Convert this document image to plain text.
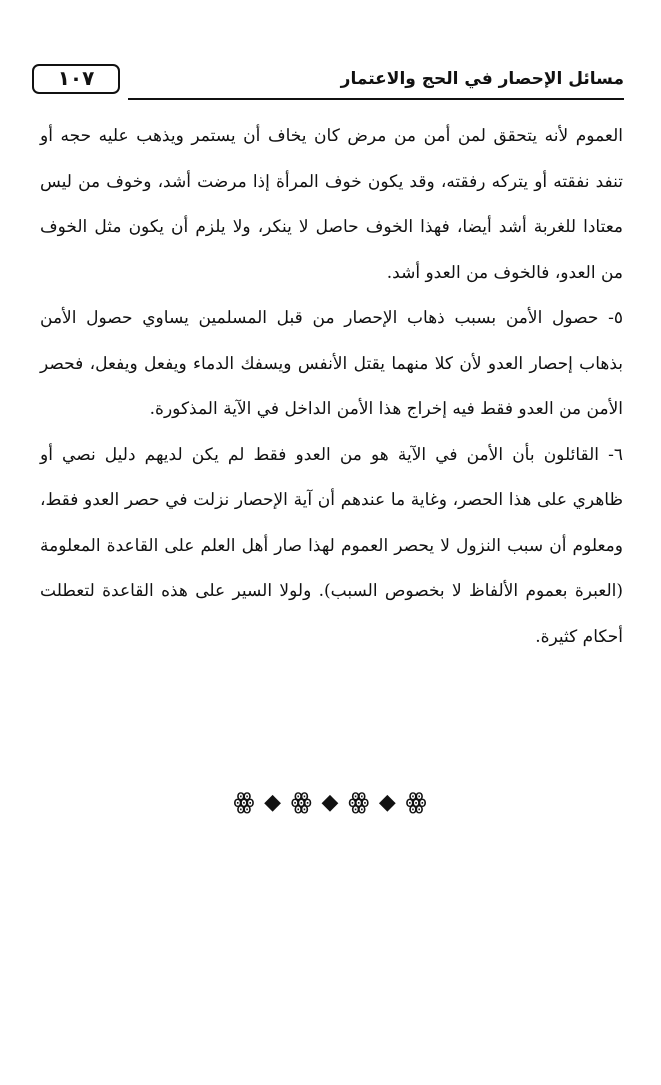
١٠٧	مسائل الإحصار في الحج والاعتمار

العموم لأنه يتحقق لمن أمن من مرض كان يخاف أن يستمر ويذهب عليه حجه أو تنفد نفقته أو يتركه رفقته، وقد يكون خوف المرأة إذا مرضت أشد، وخوف من ليس معتادا للغربة أشد أيضا، فهذا الخوف حاصل لا ينكر، ولا يلزم أن يكون مثل الخوف من العدو، فالخوف من العدو أشد.

٥- حصول الأمن بسبب ذهاب الإحصار من قبل المسلمين يساوي حصول الأمن بذهاب إحصار العدو لأن كلا منهما يقتل الأنفس ويسفك الدماء ويفعل ويفعل، فحصر الأمن من العدو فقط فيه إخراج هذا الأمن الداخل في الآية المذكورة.

٦- القائلون بأن الأمن في الآية هو من العدو فقط لم يكن لديهم دليل نصي أو ظاهري على هذا الحصر، وغاية ما عندهم أن آية الإحصار نزلت في حصر العدو فقط، ومعلوم أن سبب النزول لا يحصر العموم لهذا صار أهل العلم على القاعدة المعلومة (العبرة بعموم الألفاظ لا بخصوص السبب). ولولا السير على هذه القاعدة لتعطلت أحكام كثيرة.

ꙮ ◆ ꙮ ◆ ꙮ ◆ ꙮ
